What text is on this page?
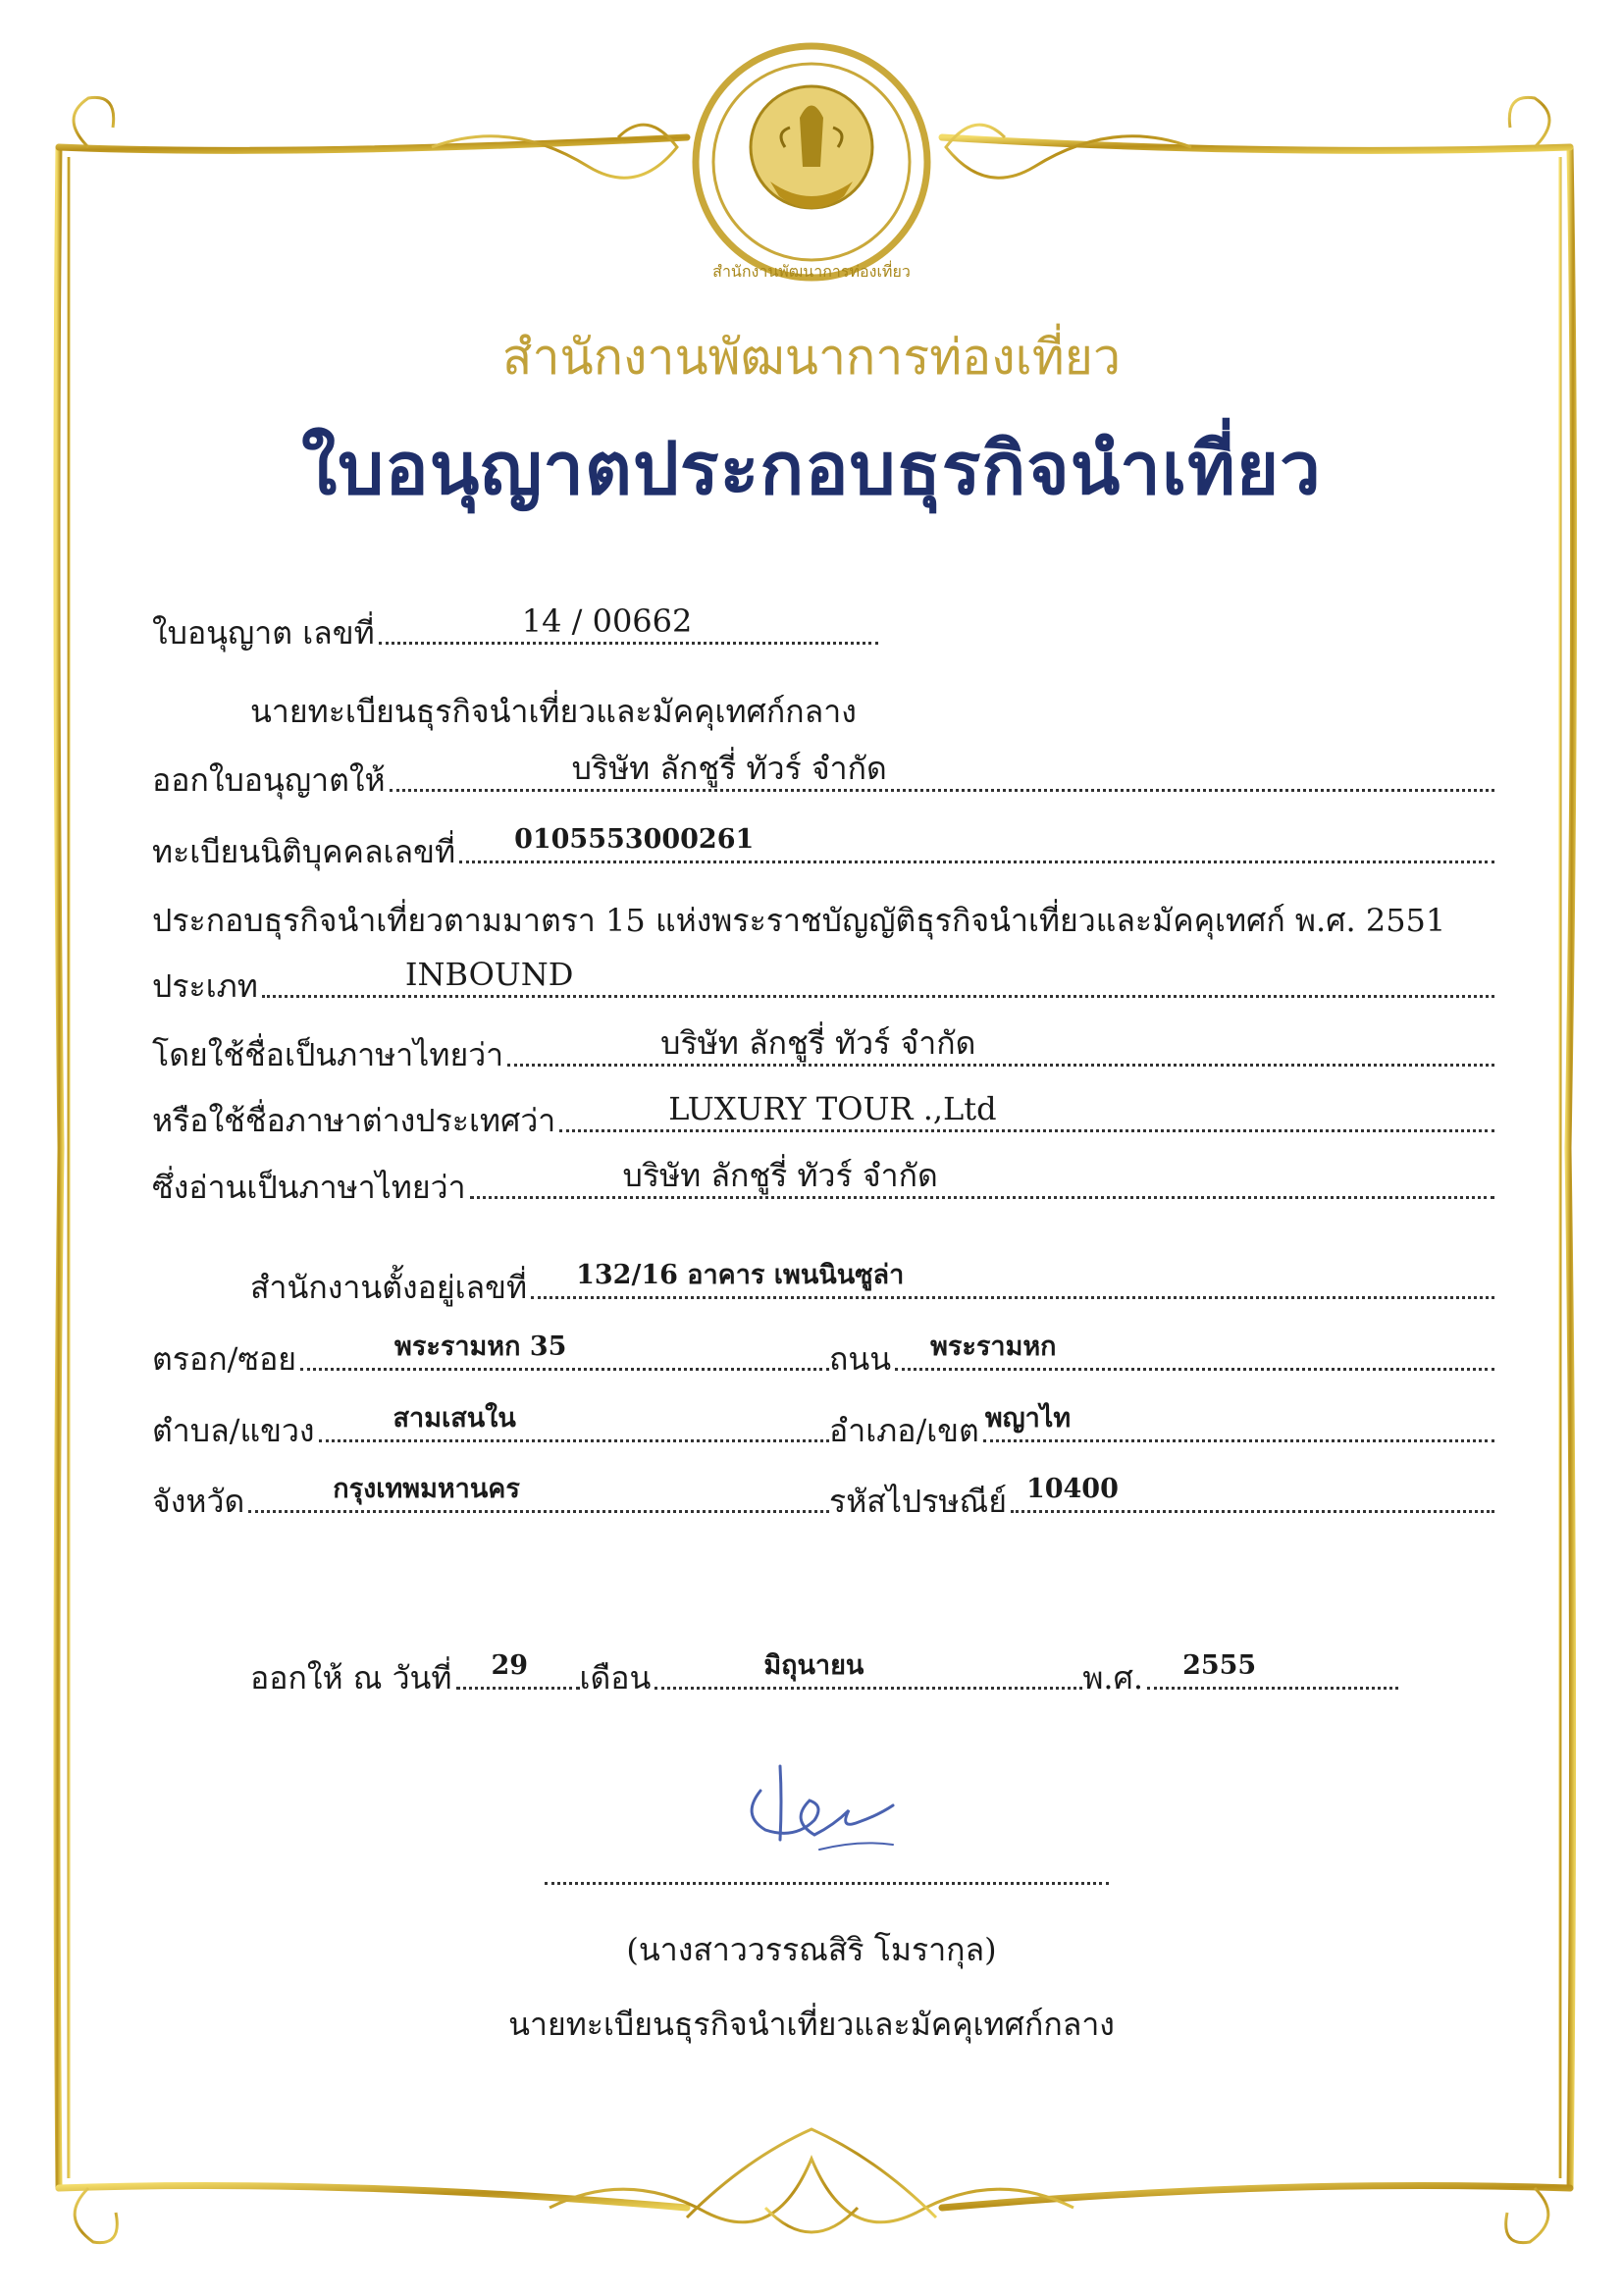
สำนักงานพัฒนาการท่องเที่ยว
สำนักงานพัฒนาการท่องเที่ยว
ใบอนุญาตประกอบธุรกิจนำเที่ยว
ใบอนุญาต เลขที่	14 / 00662
นายทะเบียนธุรกิจนำเที่ยวและมัคคุเทศก์กลาง
ออกใบอนุญาตให้	บริษัท ลักชูรี่ ทัวร์ จำกัด
ทะเบียนนิติบุคคลเลขที่ 0105553000261
ประกอบธุรกิจนำเที่ยวตามมาตรา 15 แห่งพระราชบัญญัติธุรกิจนำเที่ยวและมัคคุเทศก์ พ.ศ. 2551
ประเภท	INBOUND
โดยใช้ชื่อเป็นภาษาไทยว่า	บริษัท ลักชูรี่ ทัวร์ จำกัด
หรือใช้ชื่อภาษาต่างประเทศว่า	LUXURY TOUR .,Ltd
ซึ่งอ่านเป็นภาษาไทยว่า	บริษัท ลักชูรี่ ทัวร์ จำกัด
สำนักงานตั้งอยู่เลขที่ 132/16 อาคาร เพนนินซูล่า
ตรอก/ซอย	พระรามหก 35	ถนน พระรามหก
ตำบล/แขวง	สามเสนใน	อำเภอ/เขต พญาไท
จังหวัด	กรุงเทพมหานคร	รหัสไปรษณีย์ 10400
ออกให้ ณ วันที่ 29 เดือน	มิถุนายน	พ.ศ. 2555
(นางสาววรรณสิริ โมรากุล)
นายทะเบียนธุรกิจนำเที่ยวและมัคคุเทศก์กลาง
